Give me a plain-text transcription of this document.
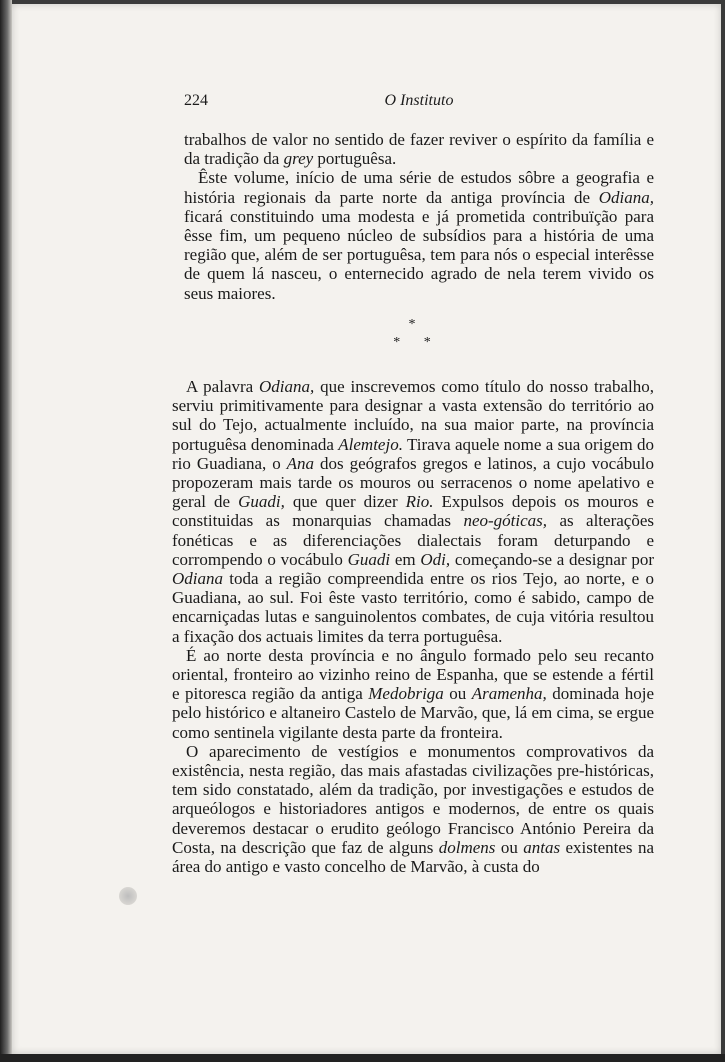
224	O Instituto

trabalhos de valor no sentido de fazer reviver o espírito da família e da tradição da grey portuguêsa.

Êste volume, início de uma série de estudos sôbre a geografia e história regionais da parte norte da antiga província de Odiana, ficará constituindo uma modesta e já prometida contribuïção para êsse fim, um pequeno núcleo de subsídios para a história de uma região que, além de ser portuguêsa, tem para nós o especial interêsse de quem lá nasceu, o enternecido agrado de nela terem vivido os seus maiores.

*
* *

A palavra Odiana, que inscrevemos como título do nosso trabalho, serviu primitivamente para designar a vasta extensão do território ao sul do Tejo, actualmente incluído, na sua maior parte, na província portuguêsa denominada Alemtejo. Tirava aquele nome a sua origem do rio Guadiana, o Ana dos geógrafos gregos e latinos, a cujo vocábulo propozeram mais tarde os mouros ou serracenos o nome apelativo e geral de Guadi, que quer dizer Rio. Expulsos depois os mouros e constituidas as monarquias chamadas neo-góticas, as alterações fonéticas e as diferenciações dialectais foram deturpando e corrompendo o vocábulo Guadi em Odi, começando-se a designar por Odiana toda a região compreendida entre os rios Tejo, ao norte, e o Guadiana, ao sul. Foi êste vasto território, como é sabido, campo de encarniçadas lutas e sanguinolentos combates, de cuja vitória resultou a fixação dos actuais limites da terra portuguêsa.

É ao norte desta província e no ângulo formado pelo seu recanto oriental, fronteiro ao vizinho reino de Espanha, que se estende a fértil e pitoresca região da antiga Medobriga ou Aramenha, dominada hoje pelo histórico e altaneiro Castelo de Marvão, que, lá em cima, se ergue como sentinela vigilante desta parte da fronteira.

O aparecimento de vestígios e monumentos comprovativos da existência, nesta região, das mais afastadas civilizações pre-históricas, tem sido constatado, além da tradição, por investigações e estudos de arqueólogos e historiadores antigos e modernos, de entre os quais deveremos destacar o erudito geólogo Francisco António Pereira da Costa, na descrição que faz de alguns dolmens ou antas existentes na área do antigo e vasto concelho de Marvão, à custa do
